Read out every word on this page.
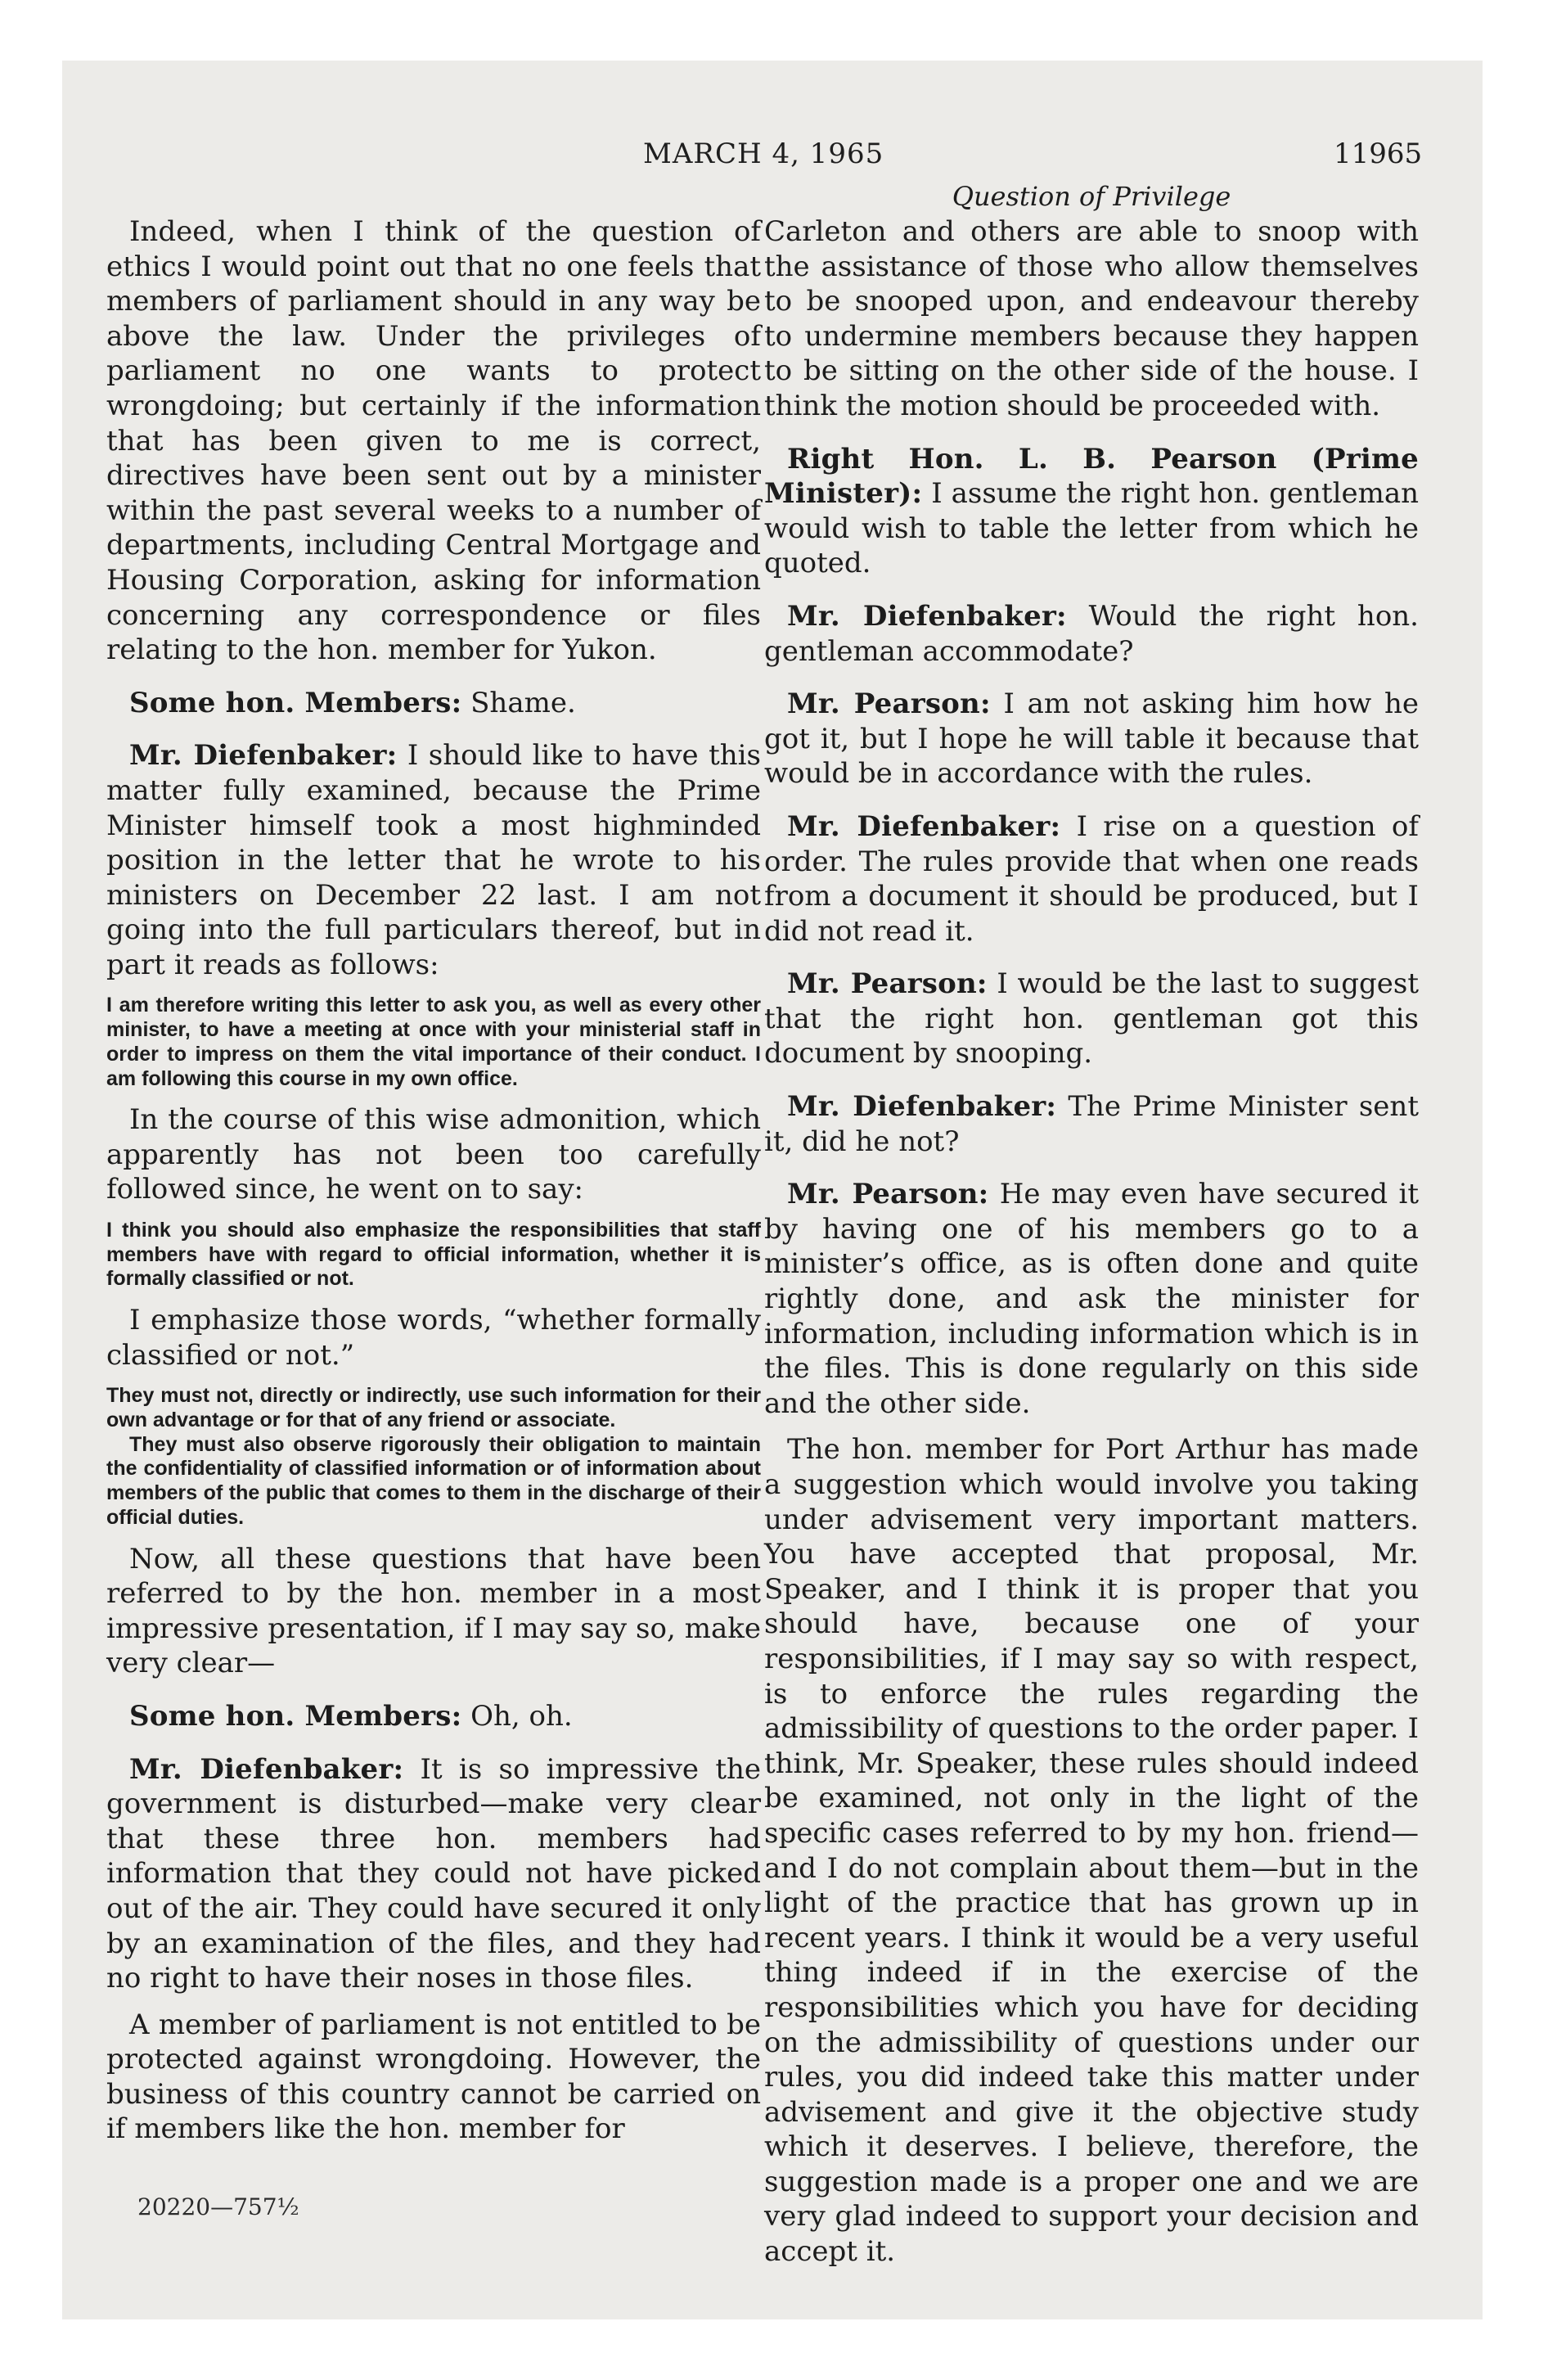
MARCH 4, 1965	11965

Indeed, when I think of the question of ethics I would point out that no one feels that members of parliament should in any way be above the law. Under the privileges of parliament no one wants to protect wrongdoing; but certainly if the information that has been given to me is correct, directives have been sent out by a minister within the past several weeks to a number of departments, including Central Mortgage and Housing Corporation, asking for information concerning any correspondence or files relating to the hon. member for Yukon.

Some hon. Members: Shame.

Mr. Diefenbaker: I should like to have this matter fully examined, because the Prime Minister himself took a most highminded position in the letter that he wrote to his ministers on December 22 last. I am not going into the full particulars thereof, but in part it reads as follows:

I am therefore writing this letter to ask you, as well as every other minister, to have a meeting at once with your ministerial staff in order to impress on them the vital importance of their conduct. I am following this course in my own office.

In the course of this wise admonition, which apparently has not been too carefully followed since, he went on to say:

I think you should also emphasize the responsibilities that staff members have with regard to official information, whether it is formally classified or not.

I emphasize those words, “whether formally classified or not.”

They must not, directly or indirectly, use such information for their own advantage or for that of any friend or associate.
They must also observe rigorously their obligation to maintain the confidentiality of classified information or of information about members of the public that comes to them in the discharge of their official duties.

Now, all these questions that have been referred to by the hon. member in a most impressive presentation, if I may say so, make very clear—

Some hon. Members: Oh, oh.

Mr. Diefenbaker: It is so impressive the government is disturbed—make very clear that these three hon. members had information that they could not have picked out of the air. They could have secured it only by an examination of the files, and they had no right to have their noses in those files.

A member of parliament is not entitled to be protected against wrongdoing. However, the business of this country cannot be carried on if members like the hon. member for

Question of Privilege

Carleton and others are able to snoop with the assistance of those who allow themselves to be snooped upon, and endeavour thereby to undermine members because they happen to be sitting on the other side of the house. I think the motion should be proceeded with.

Right Hon. L. B. Pearson (Prime Minister): I assume the right hon. gentleman would wish to table the letter from which he quoted.

Mr. Diefenbaker: Would the right hon. gentleman accommodate?

Mr. Pearson: I am not asking him how he got it, but I hope he will table it because that would be in accordance with the rules.

Mr. Diefenbaker: I rise on a question of order. The rules provide that when one reads from a document it should be produced, but I did not read it.

Mr. Pearson: I would be the last to suggest that the right hon. gentleman got this document by snooping.

Mr. Diefenbaker: The Prime Minister sent it, did he not?

Mr. Pearson: He may even have secured it by having one of his members go to a minister’s office, as is often done and quite rightly done, and ask the minister for information, including information which is in the files. This is done regularly on this side and the other side.

The hon. member for Port Arthur has made a suggestion which would involve you taking under advisement very important matters. You have accepted that proposal, Mr. Speaker, and I think it is proper that you should have, because one of your responsibilities, if I may say so with respect, is to enforce the rules regarding the admissibility of questions to the order paper. I think, Mr. Speaker, these rules should indeed be examined, not only in the light of the specific cases referred to by my hon. friend—and I do not complain about them—but in the light of the practice that has grown up in recent years. I think it would be a very useful thing indeed if in the exercise of the responsibilities which you have for deciding on the admissibility of questions under our rules, you did indeed take this matter under advisement and give it the objective study which it deserves. I believe, therefore, the suggestion made is a proper one and we are very glad indeed to support your decision and accept it.

20220—757½
